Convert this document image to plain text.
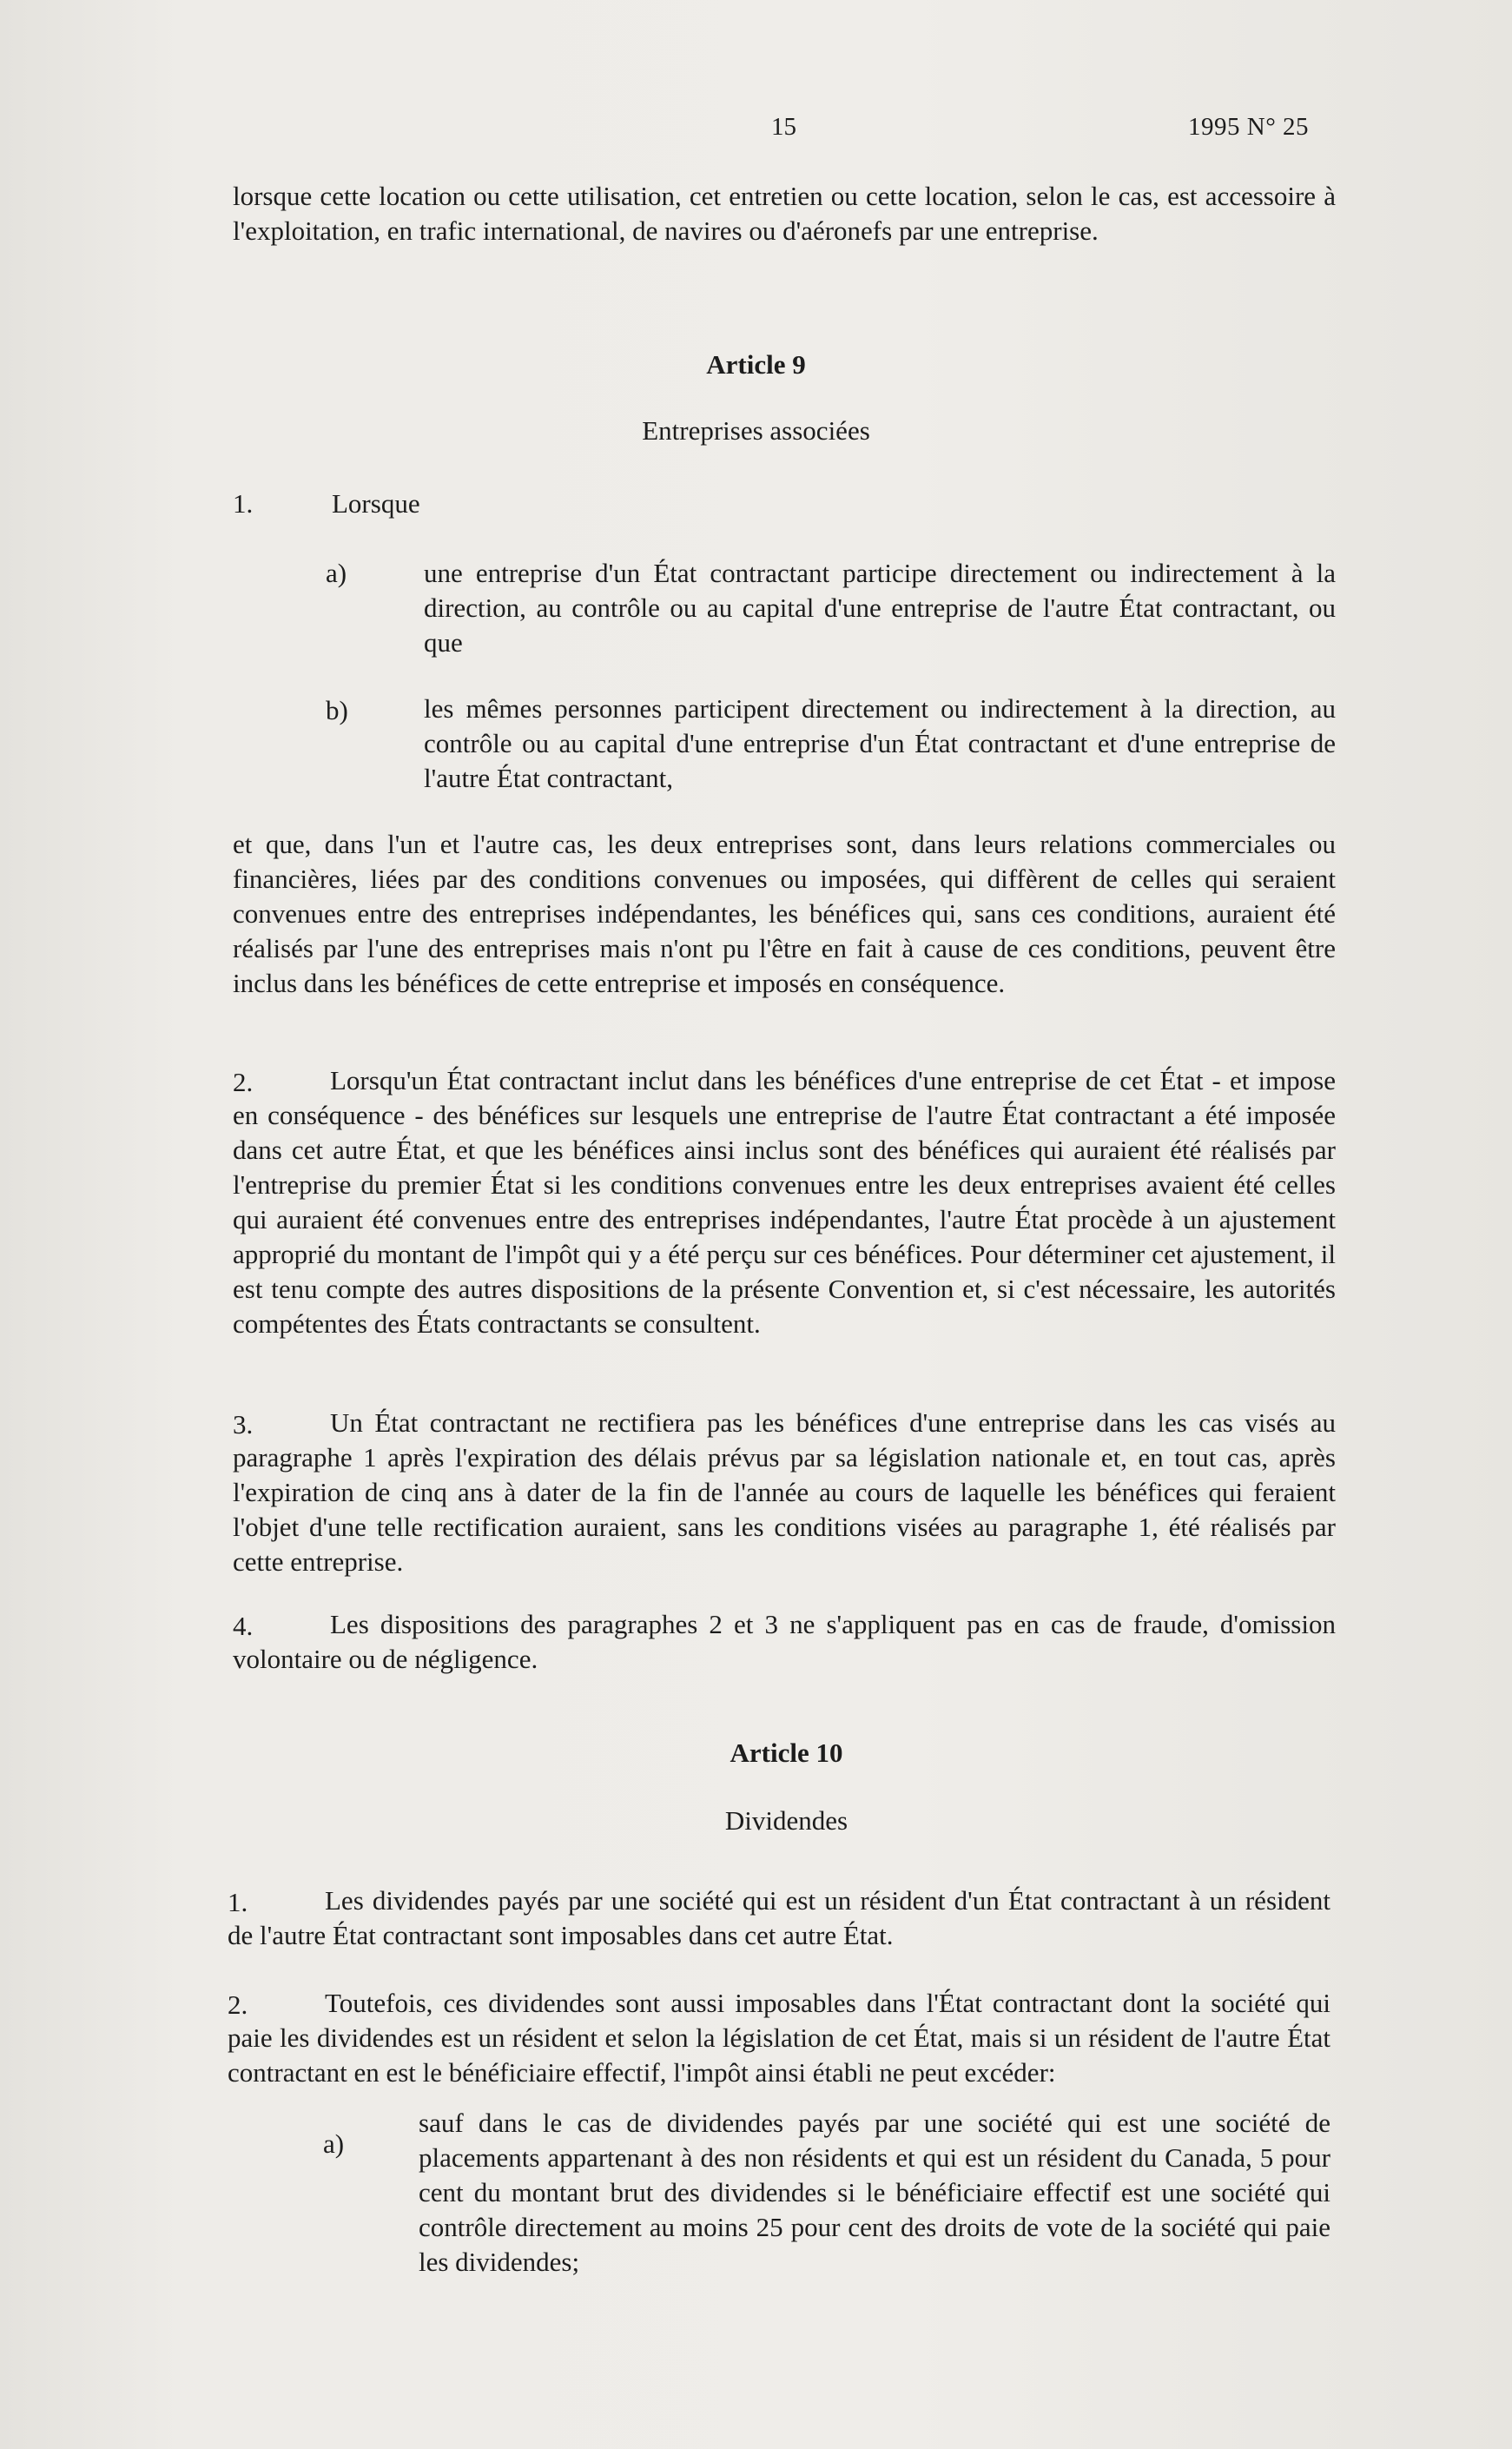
15	1995 N° 25
lorsque cette location ou cette utilisation, cet entretien ou cette location, selon le cas, est accessoire à l'exploitation, en trafic international, de navires ou d'aéronefs par une entreprise.
Article 9
Entreprises associées
1.	Lorsque
a)	une entreprise d'un État contractant participe directement ou indirectement à la direction, au contrôle ou au capital d'une entreprise de l'autre État contractant, ou que
b)	les mêmes personnes participent directement ou indirectement à la direction, au contrôle ou au capital d'une entreprise d'un État contractant et d'une entreprise de l'autre État contractant,
et que, dans l'un et l'autre cas, les deux entreprises sont, dans leurs relations commerciales ou financières, liées par des conditions convenues ou imposées, qui diffèrent de celles qui seraient convenues entre des entreprises indépendantes, les bénéfices qui, sans ces conditions, auraient été réalisés par l'une des entreprises mais n'ont pu l'être en fait à cause de ces conditions, peuvent être inclus dans les bénéfices de cette entreprise et imposés en conséquence.
2.	Lorsqu'un État contractant inclut dans les bénéfices d'une entreprise de cet État - et impose en conséquence - des bénéfices sur lesquels une entreprise de l'autre État contractant a été imposée dans cet autre État, et que les bénéfices ainsi inclus sont des bénéfices qui auraient été réalisés par l'entreprise du premier État si les conditions convenues entre les deux entreprises avaient été celles qui auraient été convenues entre des entreprises indépendantes, l'autre État procède à un ajustement approprié du montant de l'impôt qui y a été perçu sur ces bénéfices. Pour déterminer cet ajustement, il est tenu compte des autres dispositions de la présente Convention et, si c'est nécessaire, les autorités compétentes des États contractants se consultent.
3.	Un État contractant ne rectifiera pas les bénéfices d'une entreprise dans les cas visés au paragraphe 1 après l'expiration des délais prévus par sa législation nationale et, en tout cas, après l'expiration de cinq ans à dater de la fin de l'année au cours de laquelle les bénéfices qui feraient l'objet d'une telle rectification auraient, sans les conditions visées au paragraphe 1, été réalisés par cette entreprise.
4.	Les dispositions des paragraphes 2 et 3 ne s'appliquent pas en cas de fraude, d'omission volontaire ou de négligence.
Article 10
Dividendes
1.	Les dividendes payés par une société qui est un résident d'un État contractant à un résident de l'autre État contractant sont imposables dans cet autre État.
2.	Toutefois, ces dividendes sont aussi imposables dans l'État contractant dont la société qui paie les dividendes est un résident et selon la législation de cet État, mais si un résident de l'autre État contractant en est le bénéficiaire effectif, l'impôt ainsi établi ne peut excéder:
a)
sauf dans le cas de dividendes payés par une société qui est une société de placements appartenant à des non résidents et qui est un résident du Canada, 5 pour cent du montant brut des dividendes si le bénéficiaire effectif est une société qui contrôle directement au moins 25 pour cent des droits de vote de la société qui paie les dividendes;
